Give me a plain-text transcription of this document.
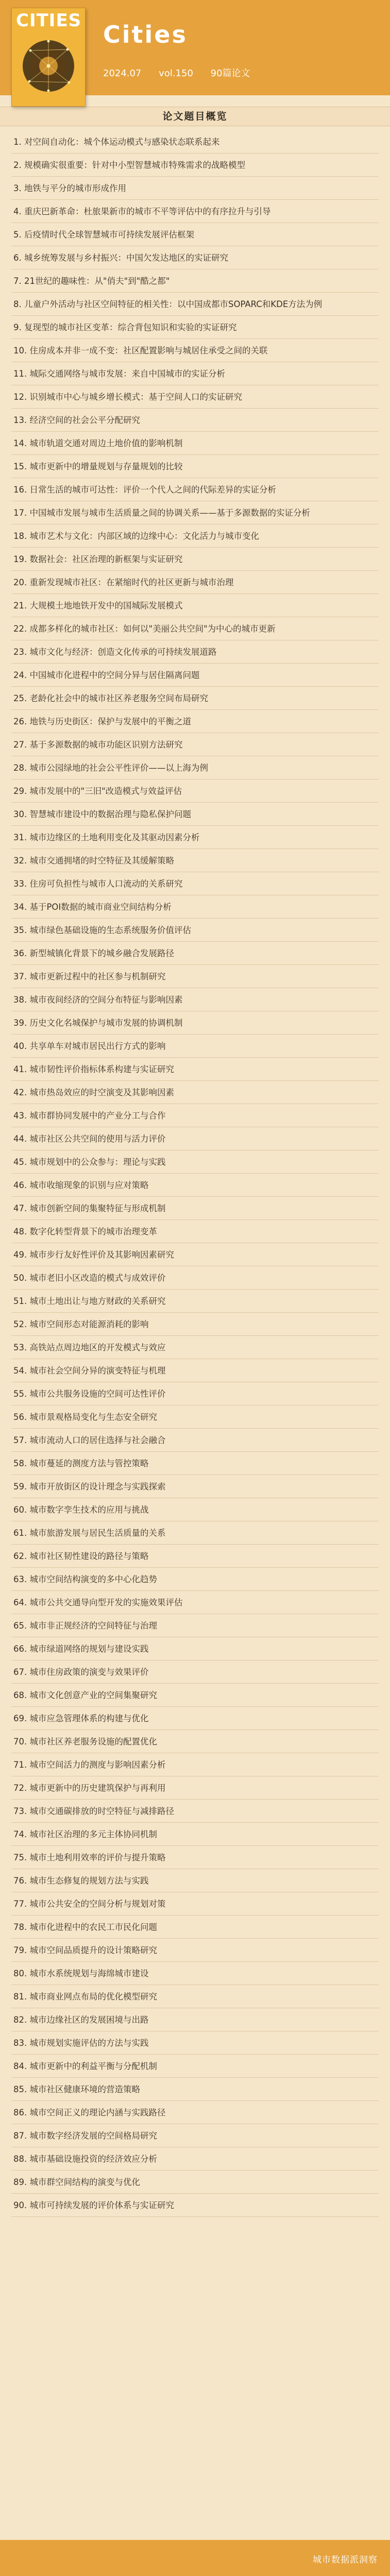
CITIES Cities
2024.07 vol.150 90篇论文
论文题目概览
1. 对空间自动化：城个体运动模式与感染状态联系起来
2. 规模确实很重要：针对中小型智慧城市特殊需求的战略模型
3. 地铁与平分的城市形成作用
4. 重庆巴新革命：杜旅果新市的城市不平等评估中的有序拉升与引导
5. 后疫情时代全球智慧城市可持续发展评估框架
6. 城乡统筹发展与乡村振兴：中国欠发达地区的实证研究
7. 21世纪的趣味性：从"俏夫"到"酷之都"
8. 儿童户外活动与社区空间特征的相关性：以中国成都市SOPARC和KDE方法为例
9. 复现型的城市社区变革：综合背包知识和实验的实证研究
10. 住房成本并非一成不变：社区配置影响与城居住承受之间的关联
11. 城际交通网络与城市发展：来自中国城市的实证分析
12. 识别城市中心与城乡增长模式：基于空间人口的实证研究
13. 经济空间的社会公平分配研究
14. 城市轨道交通对周边土地价值的影响机制
15. 城市更新中的增量规划与存量规划的比较
16. 日常生活的城市可达性：评价一个代人之间的代际差异的实证分析
17. 中国城市发展与城市生活质量之间的协调关系——基于多源数据的实证分析
18. 城市艺术与文化：内部区域的边缘中心：文化活力与城市变化
19. 数据社会：社区治理的新框架与实证研究
20. 重新发现城市社区：在紧缩时代的社区更新与城市治理
21. 大规模土地地铁开发中的国城际发展模式
22. 成都多样化的城市社区：如何以"美丽公共空间"为中心的城市更新
23. 城市文化与经济：创造文化传承的可持续发展道路
24. 中国城市化进程中的空间分异与居住隔离问题
25. 老龄化社会中的城市社区养老服务空间布局研究
26. 地铁与历史街区：保护与发展中的平衡之道
27. 基于多源数据的城市功能区识别方法研究
28. 城市公园绿地的社会公平性评价——以上海为例
29. 城市发展中的"三旧"改造模式与效益评估
30. 智慧城市建设中的数据治理与隐私保护问题
31. 城市边缘区的土地利用变化及其驱动因素分析
32. 城市交通拥堵的时空特征及其缓解策略
33. 住房可负担性与城市人口流动的关系研究
34. 基于POI数据的城市商业空间结构分析
35. 城市绿色基础设施的生态系统服务价值评估
36. 新型城镇化背景下的城乡融合发展路径
37. 城市更新过程中的社区参与机制研究
38. 城市夜间经济的空间分布特征与影响因素
39. 历史文化名城保护与城市发展的协调机制
40. 共享单车对城市居民出行方式的影响
41. 城市韧性评价指标体系构建与实证研究
42. 城市热岛效应的时空演变及其影响因素
43. 城市群协同发展中的产业分工与合作
44. 城市社区公共空间的使用与活力评价
45. 城市规划中的公众参与：理论与实践
46. 城市收缩现象的识别与应对策略
47. 城市创新空间的集聚特征与形成机制
48. 数字化转型背景下的城市治理变革
49. 城市步行友好性评价及其影响因素研究
50. 城市老旧小区改造的模式与成效评价
51. 城市土地出让与地方财政的关系研究
52. 城市空间形态对能源消耗的影响
53. 高铁站点周边地区的开发模式与效应
54. 城市社会空间分异的演变特征与机理
55. 城市公共服务设施的空间可达性评价
56. 城市景观格局变化与生态安全研究
57. 城市流动人口的居住选择与社会融合
58. 城市蔓延的测度方法与管控策略
59. 城市开放街区的设计理念与实践探索
60. 城市数字孪生技术的应用与挑战
61. 城市旅游发展与居民生活质量的关系
62. 城市社区韧性建设的路径与策略
63. 城市空间结构演变的多中心化趋势
64. 城市公共交通导向型开发的实施效果评估
65. 城市非正规经济的空间特征与治理
66. 城市绿道网络的规划与建设实践
67. 城市住房政策的演变与效果评价
68. 城市文化创意产业的空间集聚研究
69. 城市应急管理体系的构建与优化
70. 城市社区养老服务设施的配置优化
71. 城市空间活力的测度与影响因素分析
72. 城市更新中的历史建筑保护与再利用
73. 城市交通碳排放的时空特征与减排路径
74. 城市社区治理的多元主体协同机制
75. 城市土地利用效率的评价与提升策略
76. 城市生态修复的规划方法与实践
77. 城市公共安全的空间分析与规划对策
78. 城市化进程中的农民工市民化问题
79. 城市空间品质提升的设计策略研究
80. 城市水系统规划与海绵城市建设
81. 城市商业网点布局的优化模型研究
82. 城市边缘社区的发展困境与出路
83. 城市规划实施评估的方法与实践
84. 城市更新中的利益平衡与分配机制
85. 城市社区健康环境的营造策略
86. 城市空间正义的理论内涵与实践路径
87. 城市数字经济发展的空间格局研究
88. 城市基础设施投资的经济效应分析
89. 城市群空间结构的演变与优化
90. 城市可持续发展的评价体系与实证研究
城市数据派洞察
